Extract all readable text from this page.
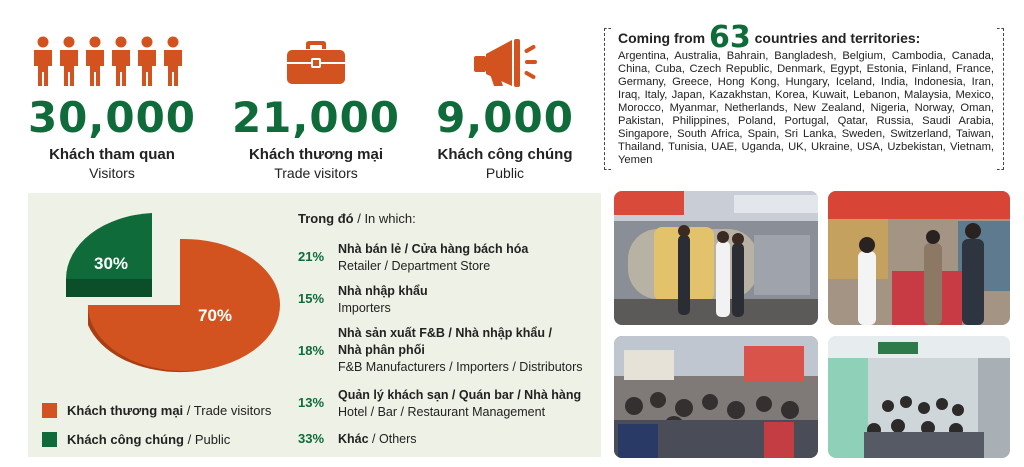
30,000
Khách tham quan
Visitors
21,000
Khách thương mại
Trade visitors
9,000
Khách công chúng
Public
Coming from 63 countries and territories:
Argentina, Australia, Bahrain, Bangladesh, Belgium, Cambodia, Canada, China, Cuba, Czech Republic, Denmark, Egypt, Estonia, Finland, France, Germany, Greece, Hong Kong, Hungary, Iceland, India, Indonesia, Iran, Iraq, Italy, Japan, Kazakhstan, Korea, Kuwait, Lebanon, Malaysia, Mexico, Morocco, Myanmar, Netherlands, New Zealand, Nigeria, Norway, Oman, Pakistan, Philippines, Poland, Portugal, Qatar, Russia, Saudi Arabia, Singapore, South Africa, Spain, Sri Lanka, Sweden, Switzerland, Taiwan, Thailand, Tunisia, UAE, Uganda, UK, Ukraine, USA, Uzbekistan, Vietnam, Yemen
70%
30%
Khách thương mại / Trade visitors
Khách công chúng / Public
Trong đó / In which:
21% Nhà bán lẻ / Cửa hàng bách hóa
Retailer / Department Store
15% Nhà nhập khẩu
Importers
18%
Nhà sản xuất F&B / Nhà nhập khẩu / Nhà phân phối
F&B Manufacturers / Importers / Distributors
13% Quản lý khách sạn / Quán bar / Nhà hàng
Hotel / Bar / Restaurant Management
33% Khác / Others
